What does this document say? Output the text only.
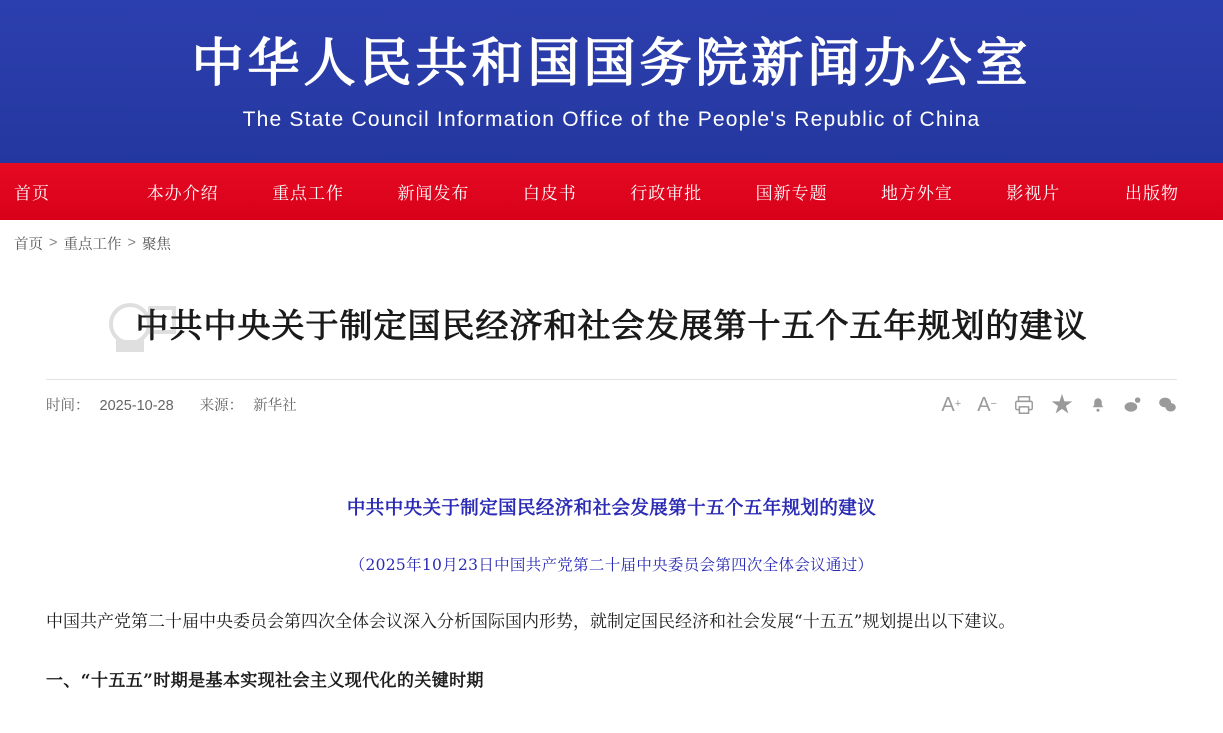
中华人民共和国国务院新闻办公室
The State Council Information Office of the People's Republic of China
首页	本办介绍	重点工作	新闻发布	白皮书	行政审批	国新专题	地方外宣	影视片	出版物
首页 > 重点工作 > 聚焦
中共中央关于制定国民经济和社会发展第十五个五年规划的建议
时间： 2025-10-28 来源： 新华社	A + A − ★
中共中央关于制定国民经济和社会发展第十五个五年规划的建议
（2025年10月23日中国共产党第二十届中央委员会第四次全体会议通过）

中国共产党第二十届中央委员会第四次全体会议深入分析国际国内形势，就制定国民经济和社会发展“十五五”规划提出以下建议。

一、“十五五”时期是基本实现社会主义现代化的关键时期
